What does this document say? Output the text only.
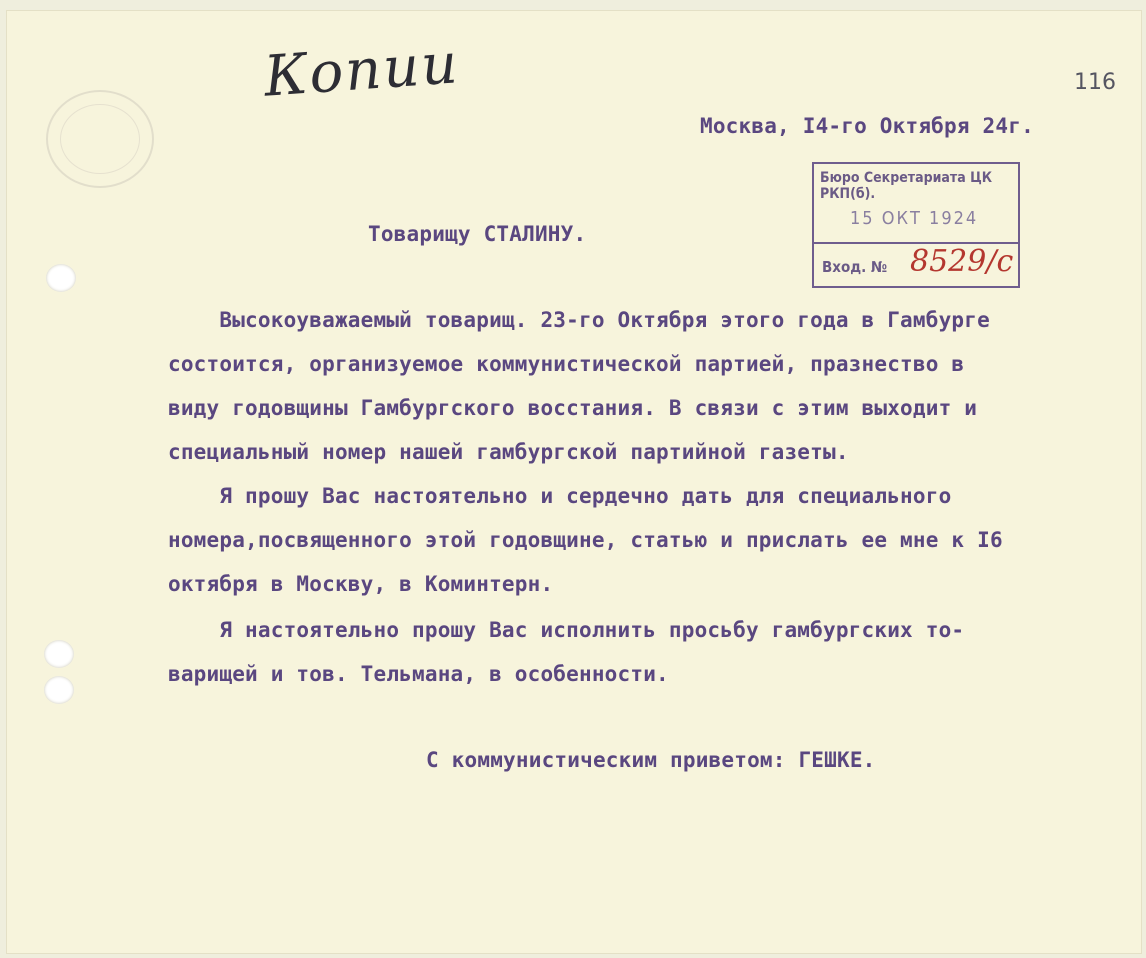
Копии	116
Москва, I4-го Октября 24г.
Бюро Секретариата ЦК РКП(б).
15 ОКТ 1924
Вход. № 8529/с
Товарищу СТАЛИНУ.
Высокоуважаемый товарищ. 23-го Октября этого года в Гамбурге
состоится, организуемое коммунистической партией, празнество в
виду годовщины Гамбургского восстания. В связи с этим выходит и
специальный номер нашей гамбургской партийной газеты.
Я прошу Вас настоятельно и сердечно дать для специального
номера,посвященного этой годовщине, статью и прислать ее мне к I6
октября в Москву, в Коминтерн.
Я настоятельно прошу Вас исполнить просьбу гамбургских то-
варищей и тов. Тельмана, в особенности.
С коммунистическим приветом: ГЕШКЕ.
